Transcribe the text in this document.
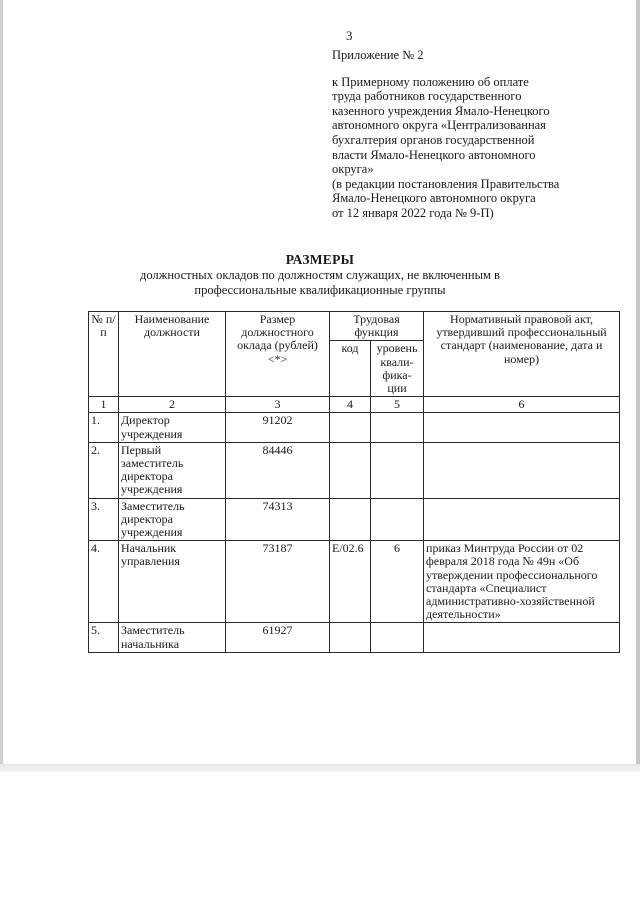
3
Приложение № 2
к Примерному положению об оплате
труда работников государственного
казенного учреждения Ямало-Ненецкого
автономного округа «Централизованная
бухгалтерия органов государственной
власти Ямало-Ненецкого автономного
округа»
(в редакции постановления Правительства
Ямало-Ненецкого автономного округа
от 12 января 2022 года № 9-П)
РАЗМЕРЫ
должностных окладов по должностям служащих, не включенным в
профессиональные квалификационные группы
№ п/п	Наименование должности	Размер должностного оклада (рублей) <*>	Трудовая функция		Нормативный правовой акт, утвердивший профессиональный стандарт (наименование, дата и номер)
			код	уровень квали-фика-ции	
1	2	3	4	5	6
1.	Директор учреждения	91202			
2.	Первый заместитель директора учреждения	84446			
3.	Заместитель директора учреждения	74313			
4.	Начальник управления	73187	E/02.6	6	приказ Минтруда России от 02 февраля 2018 года № 49н «Об утверждении профессионального стандарта «Специалист административно-хозяйственной деятельности»
5.	Заместитель начальника	61927			
